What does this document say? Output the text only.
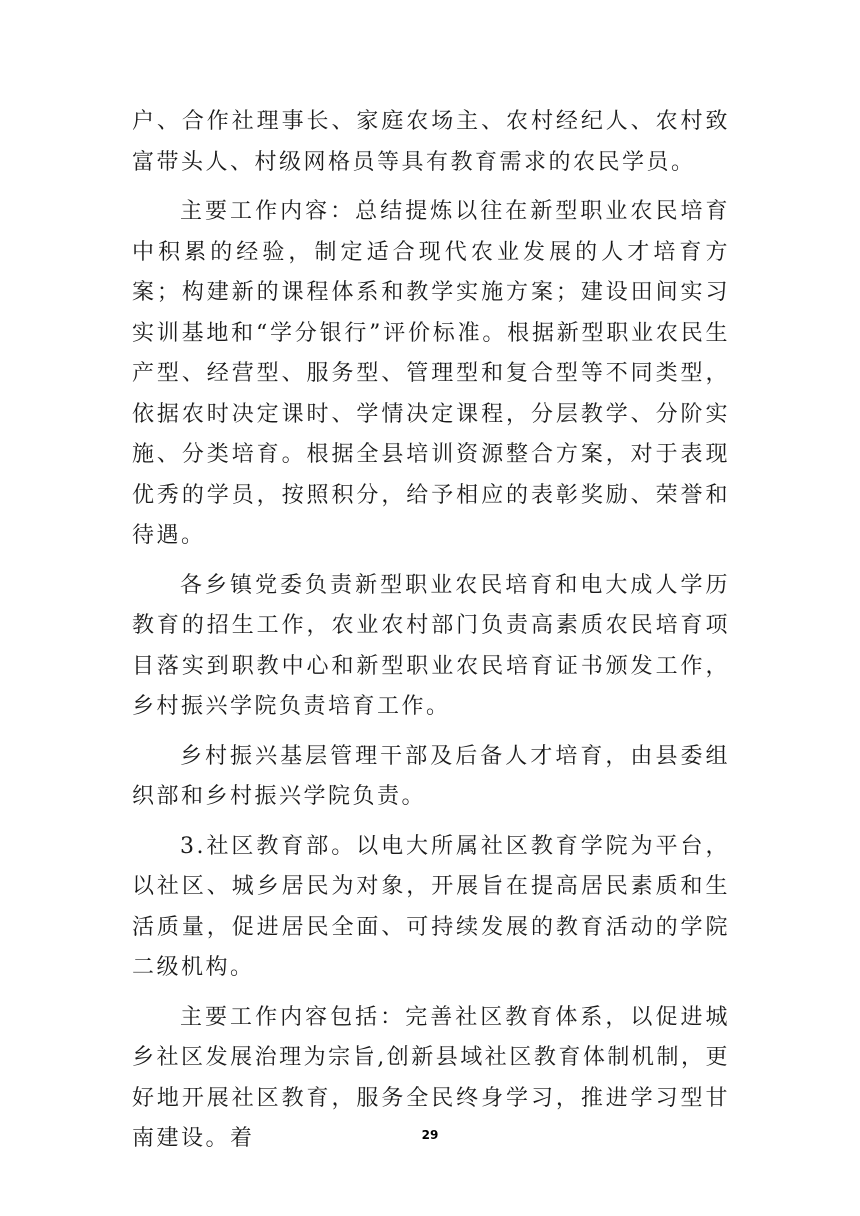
户、合作社理事长、家庭农场主、农村经纪人、农村致富带头人、村级网格员等具有教育需求的农民学员。

主要工作内容：总结提炼以往在新型职业农民培育中积累的经验，制定适合现代农业发展的人才培育方案；构建新的课程体系和教学实施方案；建设田间实习实训基地和“学分银行”评价标准。根据新型职业农民生产型、经营型、服务型、管理型和复合型等不同类型，依据农时决定课时、学情决定课程，分层教学、分阶实施、分类培育。根据全县培训资源整合方案，对于表现优秀的学员，按照积分，给予相应的表彰奖励、荣誉和待遇。

各乡镇党委负责新型职业农民培育和电大成人学历教育的招生工作，农业农村部门负责高素质农民培育项目落实到职教中心和新型职业农民培育证书颁发工作，乡村振兴学院负责培育工作。

乡村振兴基层管理干部及后备人才培育，由县委组织部和乡村振兴学院负责。

3.社区教育部。以电大所属社区教育学院为平台，以社区、城乡居民为对象，开展旨在提高居民素质和生活质量，促进居民全面、可持续发展的教育活动的学院二级机构。

主要工作内容包括：完善社区教育体系，以促进城乡社区发展治理为宗旨,创新县域社区教育体制机制，更好地开展社区教育，服务全民终身学习，推进学习型甘南建设。着	29
